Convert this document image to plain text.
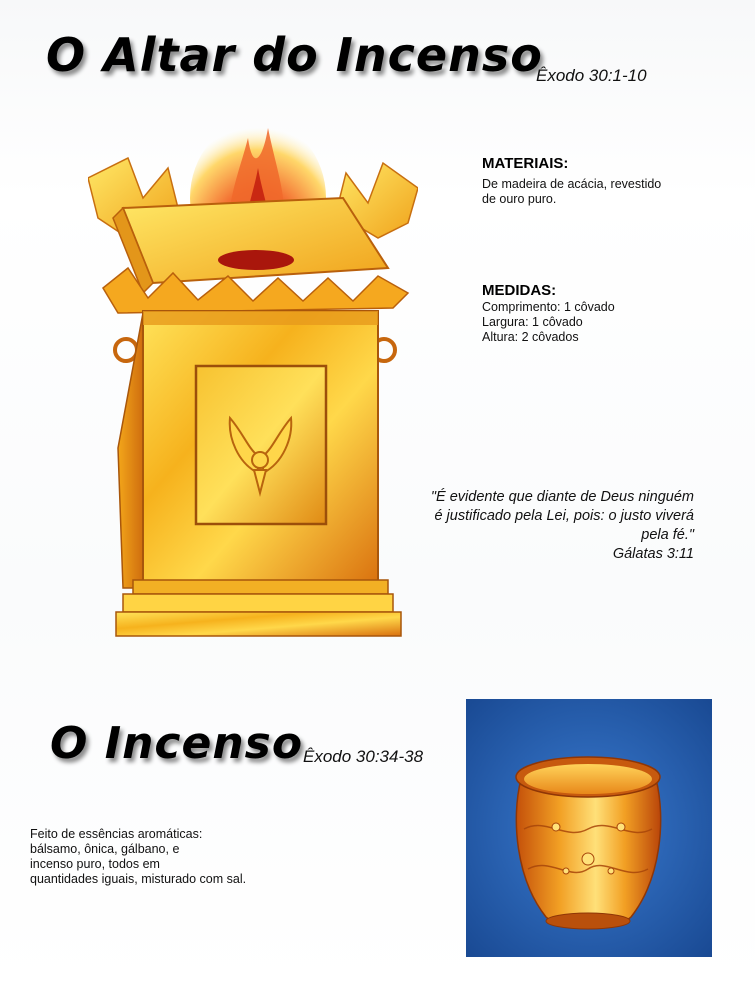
O Altar do Incenso
Êxodo 30:1-10
MATERIAIS:
De madeira de acácia, revestido
de ouro puro.
MEDIDAS:
Comprimento: 1 côvado
Largura: 1 côvado
Altura: 2 côvados
"É evidente que diante de Deus ninguém
é justificado pela Lei, pois: o justo viverá
pela fé."
Gálatas 3:11
O Incenso Êxodo 30:34-38
Feito de essências aromáticas:
bálsamo, ônica, gálbano, e
incenso puro, todos em
quantidades iguais, misturado com sal.
